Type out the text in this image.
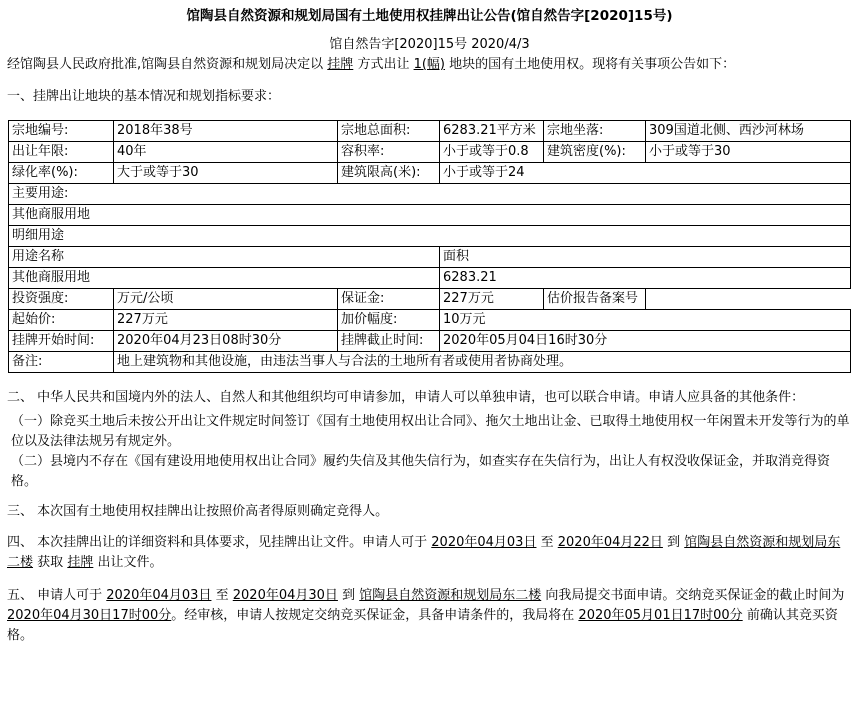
馆陶县自然资源和规划局国有土地使用权挂牌出让公告(馆自然告字[2020]15号)
馆自然告字[2020]15号 2020/4/3
经馆陶县人民政府批准,馆陶县自然资源和规划局决定以 挂牌 方式出让 1(幅) 地块的国有土地使用权。现将有关事项公告如下：
一、挂牌出让地块的基本情况和规划指标要求：
宗地编号:	2018年38号	宗地总面积:	6283.21平方米	宗地坐落:	309国道北侧、西沙河林场
出让年限:	40年	容积率:	小于或等于0.8	建筑密度(%):	小于或等于30
绿化率(%):	大于或等于30	建筑限高(米):	小于或等于24		
主要用途:					
其他商服用地					
明细用途					
用途名称			面积		
其他商服用地			6283.21		
投资强度:	万元/公顷	保证金:	227万元	估价报告备案号	
起始价:	227万元	加价幅度:	10万元		
挂牌开始时间:	2020年04月23日08时30分	挂牌截止时间:	2020年05月04日16时30分		
备注:	地上建筑物和其他设施，由违法当事人与合法的土地所有者或使用者协商处理。				
二、 中华人民共和国境内外的法人、自然人和其他组织均可申请参加，申请人可以单独申请，也可以联合申请。申请人应具备的其他条件：
（一）除竞买土地后未按公开出让文件规定时间签订《国有土地使用权出让合同》、拖欠土地出让金、已取得土地使用权一年闲置未开发等行为的单位以及法律法规另有规定外。
（二）县境内不存在《国有建设用地使用权出让合同》履约失信及其他失信行为，如查实存在失信行为，出让人有权没收保证金，并取消竞得资格。
三、 本次国有土地使用权挂牌出让按照价高者得原则确定竞得人。
四、 本次挂牌出让的详细资料和具体要求，见挂牌出让文件。申请人可于 2020年04月03日 至 2020年04月22日 到 馆陶县自然资源和规划局东二楼 获取 挂牌 出让文件。
五、 申请人可于 2020年04月03日 至 2020年04月30日 到 馆陶县自然资源和规划局东二楼 向我局提交书面申请。交纳竞买保证金的截止时间为2020年04月30日17时00分。经审核，申请人按规定交纳竞买保证金，具备申请条件的，我局将在 2020年05月01日17时00分 前确认其竞买资格。
